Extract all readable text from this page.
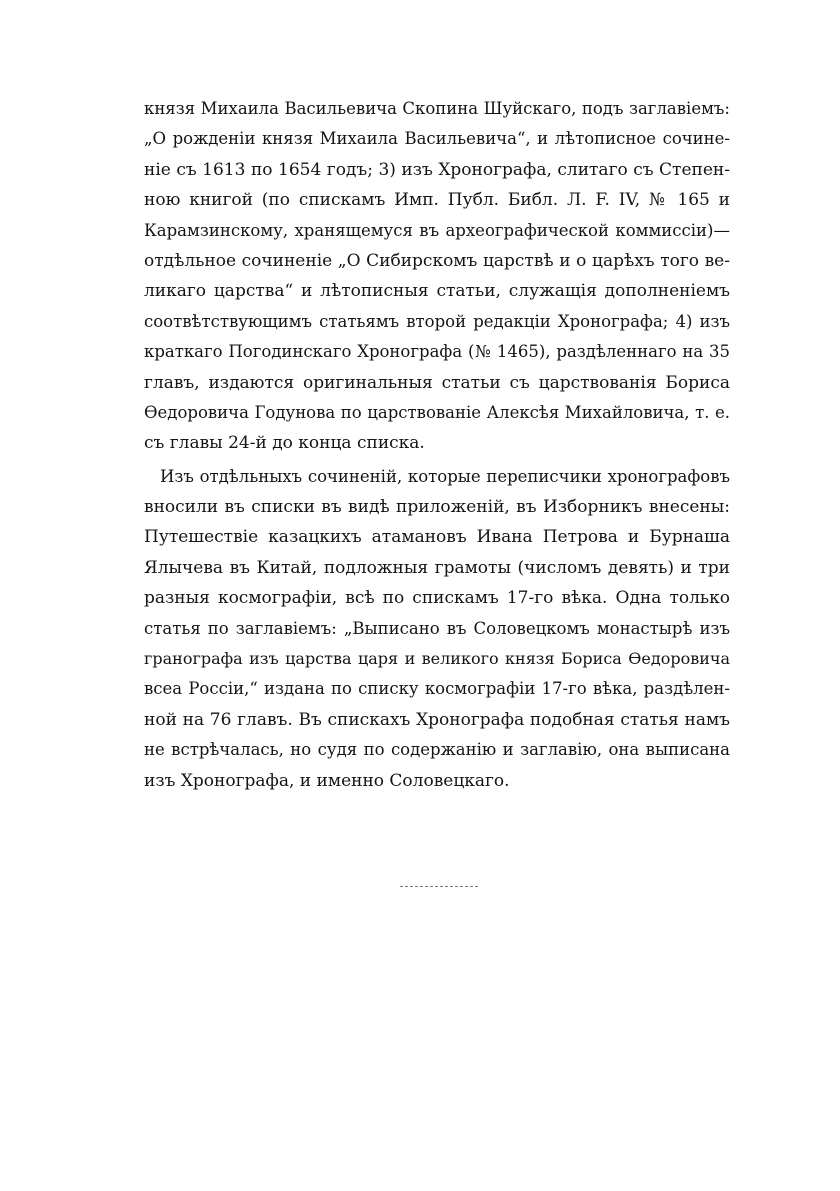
князя Михаила Васильевича Скопина Шуйскаго, подъ заглавіемъ:
„О рожденіи князя Михаила Васильевича“, и лѣтописное сочине-
ніе съ 1613 по 1654 годъ; 3) изъ Хронографа, слитаго съ Степен-
ною книгой (по спискамъ Имп. Публ. Библ. Л. F. IV, № 165 и
Карамзинскому, хранящемуся въ археографической коммиссіи)—
отдѣльное сочиненіе „О Сибирскомъ царствѣ и о царѣхъ того ве-
ликаго царства“ и лѣтописныя статьи, служащія дополненіемъ
соотвѣтствующимъ статьямъ второй редакціи Хронографа; 4) изъ
краткаго Погодинскаго Хронографа (№ 1465), раздѣленнаго на 35
главъ, издаются оригинальныя статьи съ царствованія Бориса
Ѳедоровича Годунова по царствованіе Алексѣя Михайловича, т. е.
съ главы 24-й до конца списка.
Изъ отдѣльныхъ сочиненій, которые переписчики хронографовъ
вносили въ списки въ видѣ приложеній, въ Изборникъ внесены:
Путешествіе казацкихъ атамановъ Ивана Петрова и Бурнаша
Ялычева въ Китай, подложныя грамоты (числомъ девять) и три
разныя космографіи, всѣ по спискамъ 17-го вѣка. Одна только
статья по заглавіемъ: „Выписано въ Соловецкомъ монастырѣ изъ
гранографа изъ царства царя и великого князя Бориса Ѳедоровича
всеа Россіи,“ издана по списку космографіи 17-го вѣка, раздѣлен-
ной на 76 главъ. Въ спискахъ Хронографа подобная статья намъ
не встрѣчалась, но судя по содержанію и заглавію, она выписана
изъ Хронографа, и именно Соловецкаго.
